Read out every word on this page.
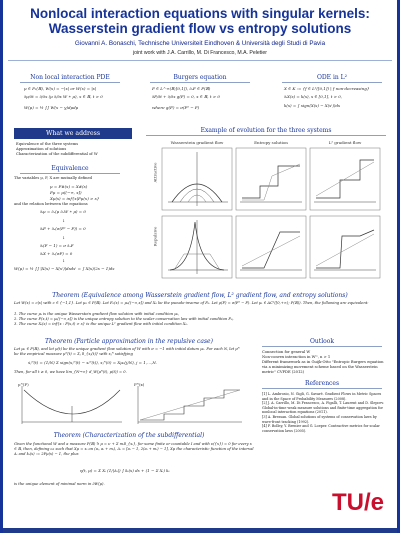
Nonlocal interaction equations with singular kernels: Wasserstein gradient flow vs entropy solutions
Giovanni A. Bonaschi, Technische Universiteit Eindhoven & Università degli Studi di Pavia
joint work with J.A. Carrillo, M. Di Francesco, M.A. Peletier
Non local interaction PDE
μ ∈ P₂(ℝ), W(x) = −|x| or W(x) = |x|
∂μ/∂t = ∂/∂x (μ ∂/∂x W ∗ μ), x ∈ ℝ, t > 0
W(μ) = ½ ∫∫ W(x − y)dμdμ
Burgers equation
F ∈ L^∞(ℝ;[0,1]), ∂ₓF ∈ P(ℝ)
∂F/∂t + ∂/∂x g(F) = 0, x ∈ ℝ, t > 0
where g(F) = σ(F² − F)
ODE in L²
X ∈ K := {f ∈ L²([0,1]) | f non-decreasing}
∂ₜX(s) = k(s), s ∈ [0,1], t > 0,
k(s) = ∫ sign(X(s) − X(s'))ds
What we address
Equivalence of the three systems
Approximation of solutions
Characterization of the subdifferential of W
Equivalence
The variables μ, F, X are mutually defined
μ = F#(x) = X#(s)
Fμ = μ((−∞, x])
Xμ(s) = inf{x|Fμ(x) > s}
and the relation between the equations
∂ₜμ = ∂ₓ(μ ∂ₓW ∗ μ) = 0
↓
∂ₜF + ∂ₓ(σ(F² − F)) = 0
↓
∂ₜ(F − 1) = σ ∂ₓF
∂ₜX + ∂ₛ(σF) = 0
↓
W(μ) = ½ ∫∫ |X(s) − X(s')|dsds' = ∫ X(s)(2s − 1)ds
Example of evolution for the three systems
Wasserstein gradient flow	Entropy solution	L² gradient flow
Attractive
Repulsive
Theorem (Equivalence among Wasserstein gradient flow, L² gradient flow, and entropy solutions)
Let W(x) = c|x| with c ∈ {−1,1}. Let μ₀ ∈ P(ℝ). Let F₀(x) = μ₀((−∞,x]) and X₀ be the pseudo-inverse of F₀. Let ρ(F) = σ(F² − F). Let μₜ ∈ AC²([0,+∞); P(ℝ)). Then, the following are equivalent:
1. The curve μₜ is the unique Wasserstein gradient flow solution with initial condition μ₀,
2. The curve F(x,t) = μₜ((−∞,x]) is the unique entropy solution to the scalar conservation law with initial condition F₀,
3. The curve Xₜ(s) = inf{x : F(x,t) > s} is the unique L² gradient flow with initial condition X₀.
Theorem (Particle approximation in the repulsive case)
Let μ₀ ∈ P(ℝ), and let μ(t) be the unique gradient flow solution of W with σ = −1 with initial datum μ₀. For each N, let μᴺ be the empirical measure μᴺ(t) = Σⱼ δ_{xⱼ(t)} with xⱼᴺ satisfying
ẋⱼᴺ(t) = (1/N) Σ sign(xⱼᴺ(t) − xᵢᴺ(t)), xⱼᴺ(0) = Xμ₀(j/N), j = 1,…,N.
Then, for all t ≥ 0, we have lim_{N→∞} d_W(μᴺ(t), μ(t)) = 0.
μᴺ(F)	Fᴺ(x)
Outlook
Connection for general W
Non-convex interaction in Wᵐ, n > 1
Different framework as in Guijk-Otto "Entropic Burgers equation via a minimizing movement scheme based on the Wasserstein metric" CVPDE (2012)
References
[1] L. Ambrosio, N. Gigli, G. Savaré. Gradient Flows in Metric Spaces and in the Space of Probability Measures (2008).
[2] J. A. Carrillo, M. Di Francesco, A. Figalli, T. Laurent and D. Slepcev. Global-in-time weak measure solutions and finite-time aggregation for nonlocal interaction equations (2011).
[3] A. Bressan. Global solutions of systems of conservation laws by wave-front tracking (1992).
[4] F. Bolley, Y. Brenier and G. Loeper. Contractive metrics for scalar conservation laws (2005).
Theorem (Characterization of the subdifferential)
Given the functional W and a measure P(ℝ) ∋ μ = ν + Σ mᵢδ_{xᵢ}, for some finite or countable I and with ν({x}) = 0 for every x ∈ ℝ, then, defining ωᵢ such that Xμ = xᵢ on (aᵢ, aᵢ + mᵢ), Δᵢ = [aᵢ − 1, 2(aᵢ + mᵢ) − 1], Xμ the characteristic function of the interval Δᵢ and kₜ(s) := 2Fμ(s) − 1, the plus
η(t, μ) = Σ Xᵢ (1/|Δᵢ|) ∫ kₜ(s) ds + (1 − Σ Xᵢ) kₜ
is the unique element of minimal norm in ∂W(μ).
TU/e
